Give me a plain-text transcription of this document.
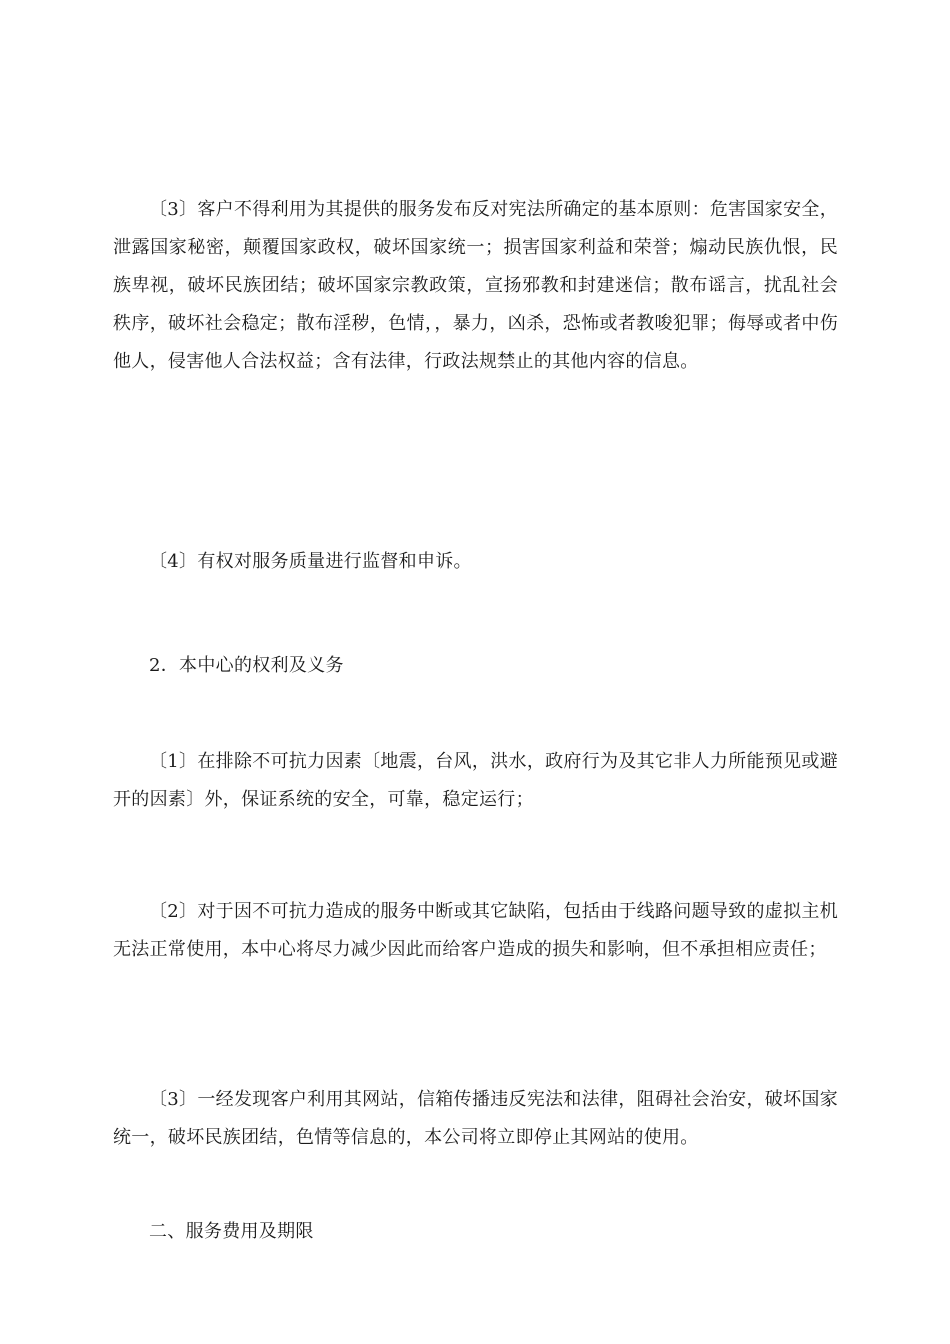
〔3〕客户不得利用为其提供的服务发布反对宪法所确定的基本原则：危害国家安全，泄露国家秘密，颠覆国家政权，破坏国家统一；损害国家利益和荣誉；煽动民族仇恨，民族卑视，破坏民族团结；破坏国家宗教政策，宣扬邪教和封建迷信；散布谣言，扰乱社会秩序，破坏社会稳定；散布淫秽，色情，，暴力，凶杀，恐怖或者教唆犯罪；侮辱或者中伤他人，侵害他人合法权益；含有法律，行政法规禁止的其他内容的信息。

〔4〕有权对服务质量进行监督和申诉。

2．本中心的权利及义务

〔1〕在排除不可抗力因素〔地震，台风，洪水，政府行为及其它非人力所能预见或避开的因素〕外，保证系统的安全，可靠，稳定运行；

〔2〕对于因不可抗力造成的服务中断或其它缺陷，包括由于线路问题导致的虚拟主机无法正常使用，本中心将尽力减少因此而给客户造成的损失和影响，但不承担相应责任；

〔3〕一经发现客户利用其网站，信箱传播违反宪法和法律，阻碍社会治安，破坏国家统一，破坏民族团结，色情等信息的，本公司将立即停止其网站的使用。

二、服务费用及期限
